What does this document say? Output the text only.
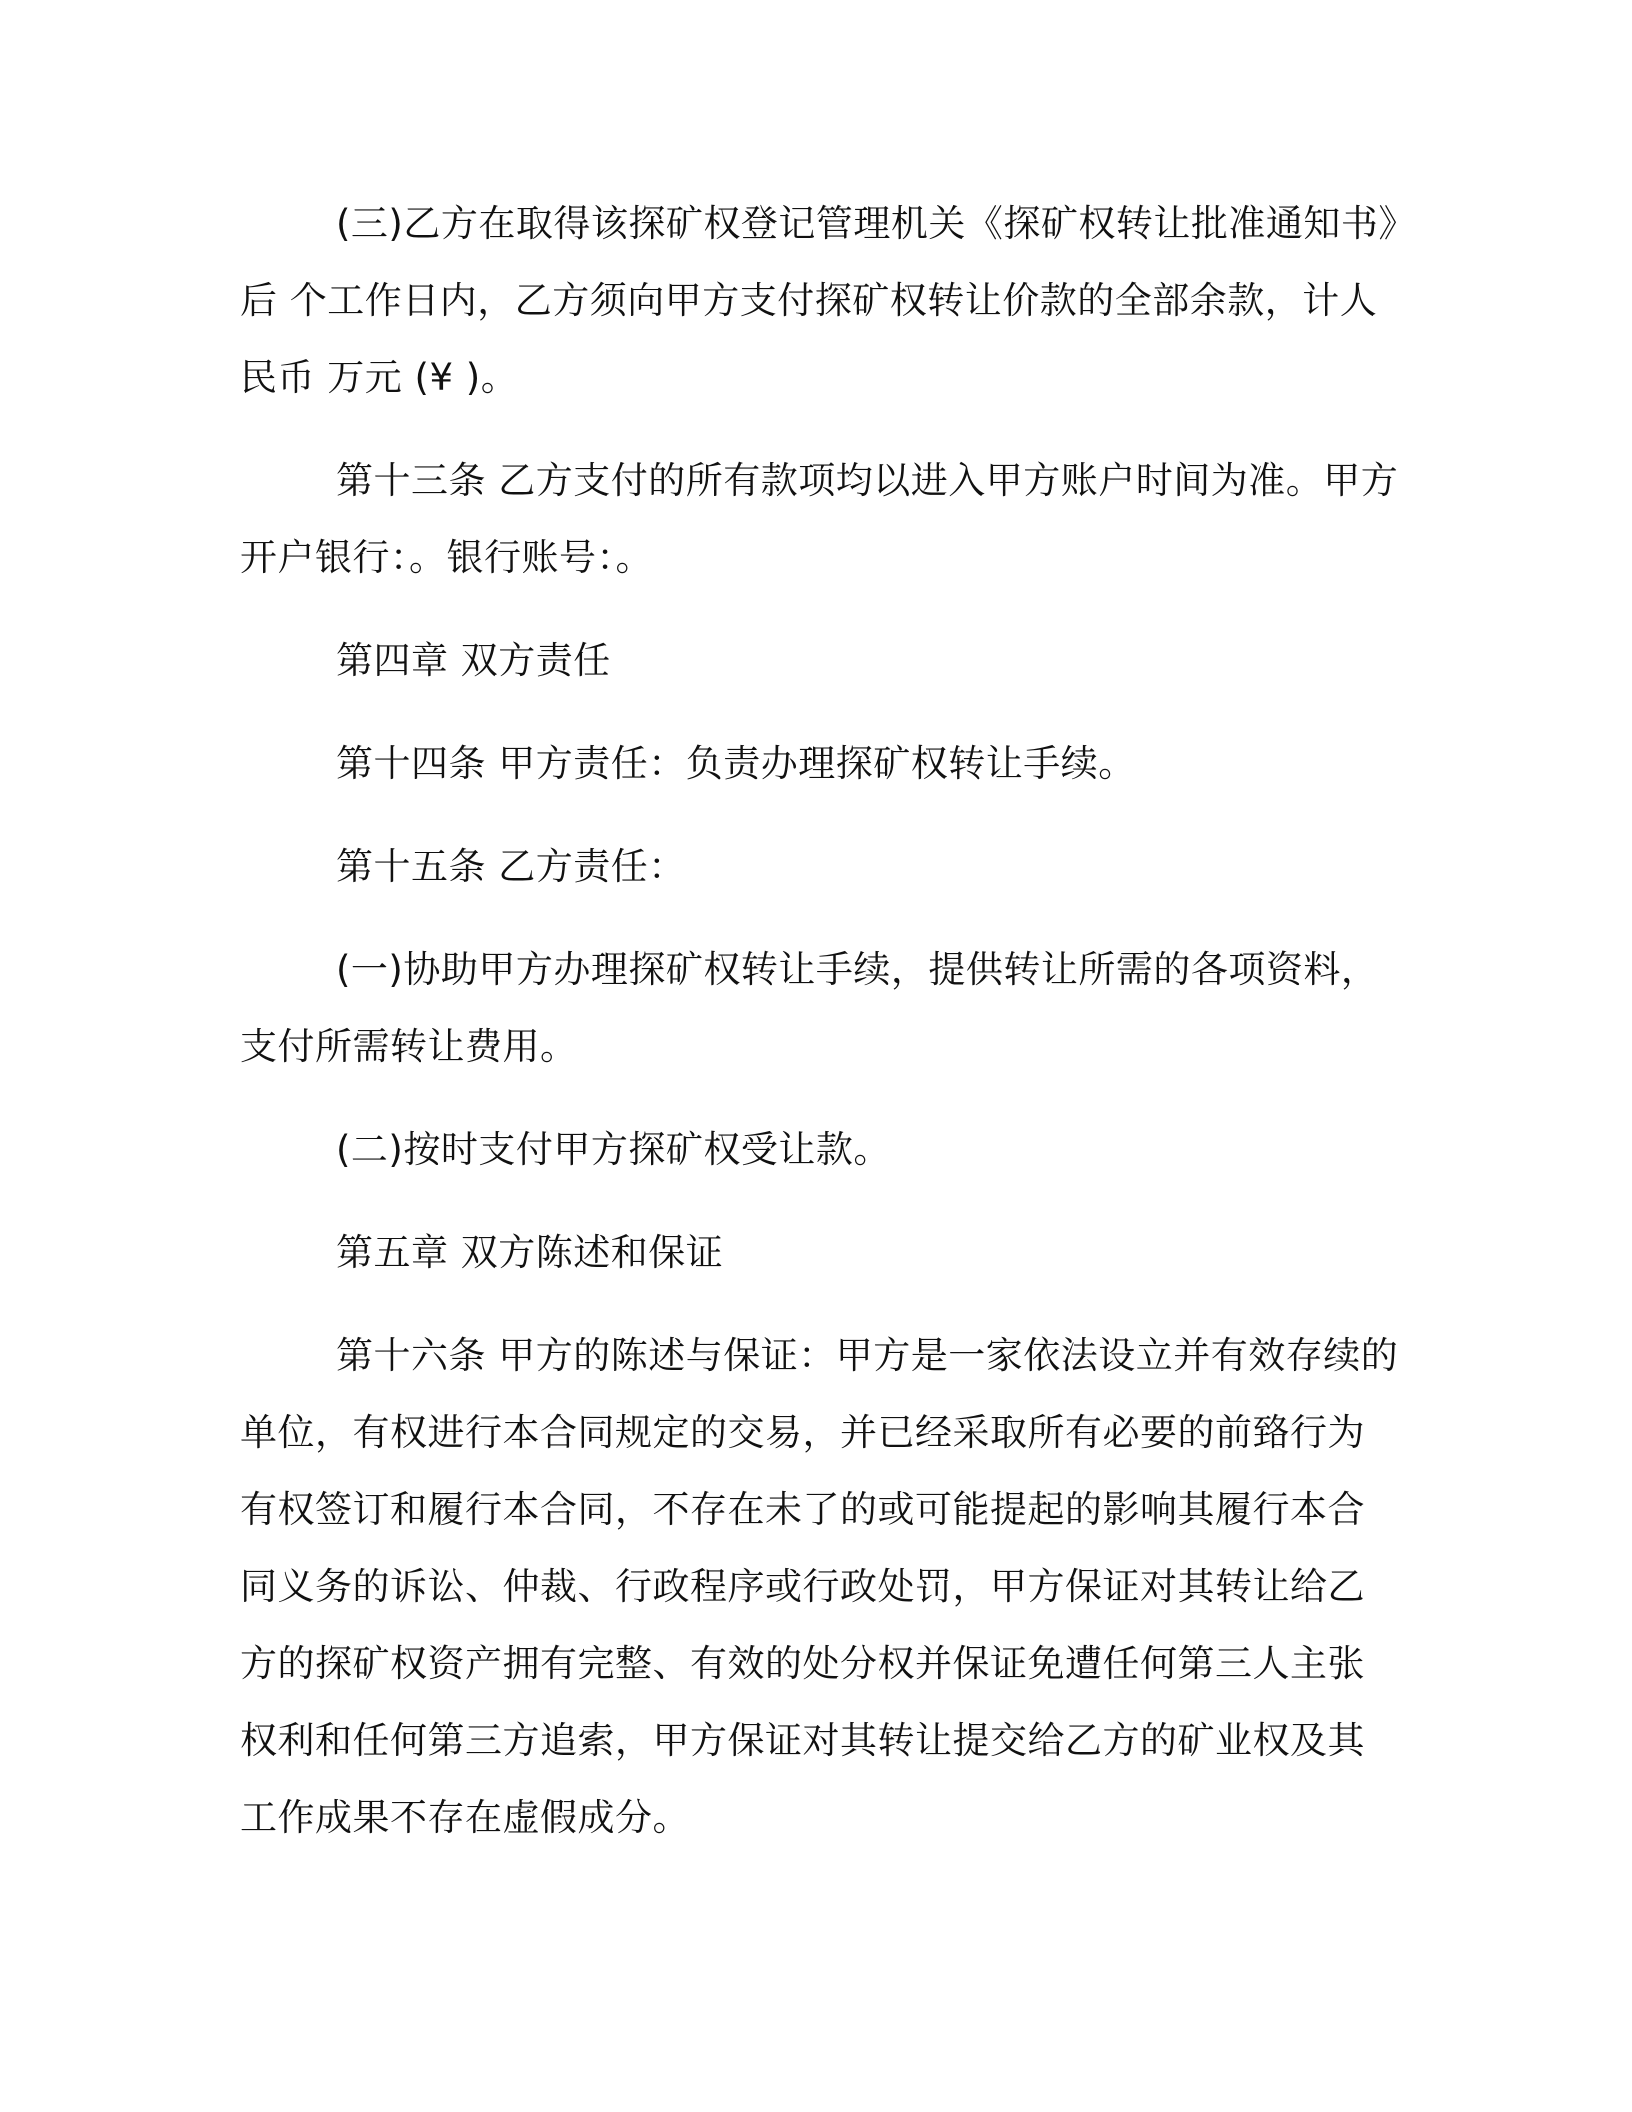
(三)乙方在取得该探矿权登记管理机关《探矿权转让批准通知书》
后 个工作日内，乙方须向甲方支付探矿权转让价款的全部余款，计人
民币 万元 (¥ )。

第十三条 乙方支付的所有款项均以进入甲方账户时间为准。甲方
开户银行：。银行账号：。

第四章 双方责任

第十四条 甲方责任：负责办理探矿权转让手续。

第十五条 乙方责任：

(一)协助甲方办理探矿权转让手续，提供转让所需的各项资料，
支付所需转让费用。

(二)按时支付甲方探矿权受让款。

第五章 双方陈述和保证

第十六条 甲方的陈述与保证：甲方是一家依法设立并有效存续的
单位，有权进行本合同规定的交易，并已经采取所有必要的前臵行为
有权签订和履行本合同，不存在未了的或可能提起的影响其履行本合
同义务的诉讼、仲裁、行政程序或行政处罚，甲方保证对其转让给乙
方的探矿权资产拥有完整、有效的处分权并保证免遭任何第三人主张
权利和任何第三方追索，甲方保证对其转让提交给乙方的矿业权及其
工作成果不存在虚假成分。
